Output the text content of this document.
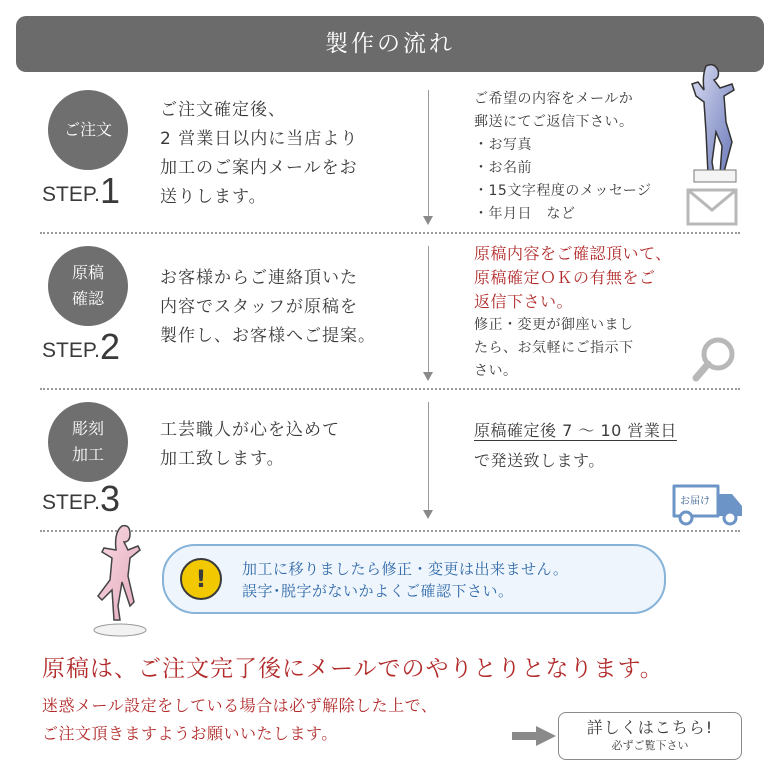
製作の流れ
ご注文
STEP.1
ご注文確定後、
2 営業日以内に当店より
加工のご案内メールをお
送りします。
ご希望の内容をメールか
郵送にてご返信下さい。
・お写真
・お名前
・15文字程度のメッセージ
・年月日　など
原稿
確認
STEP.2
お客様からご連絡頂いた
内容でスタッフが原稿を
製作し、お客様へご提案。
原稿内容をご確認頂いて、
原稿確定ＯＫの有無をご
返信下さい。
修正・変更が御座いまし
たら、お気軽にご指示下
さい。
彫刻
加工
STEP.3
工芸職人が心を込めて
加工致します。
原稿確定後 7 〜 10 営業日
で発送致します。
お届け
!	加工に移りましたら修正・変更は出来ません。
誤字･脱字がないかよくご確認下さい。
原稿は、ご注文完了後にメールでのやりとりとなります。
迷惑メール設定をしている場合は必ず解除した上で、
ご注文頂きますようお願いいたします。	詳しくはこちら!
必ずご覧下さい
